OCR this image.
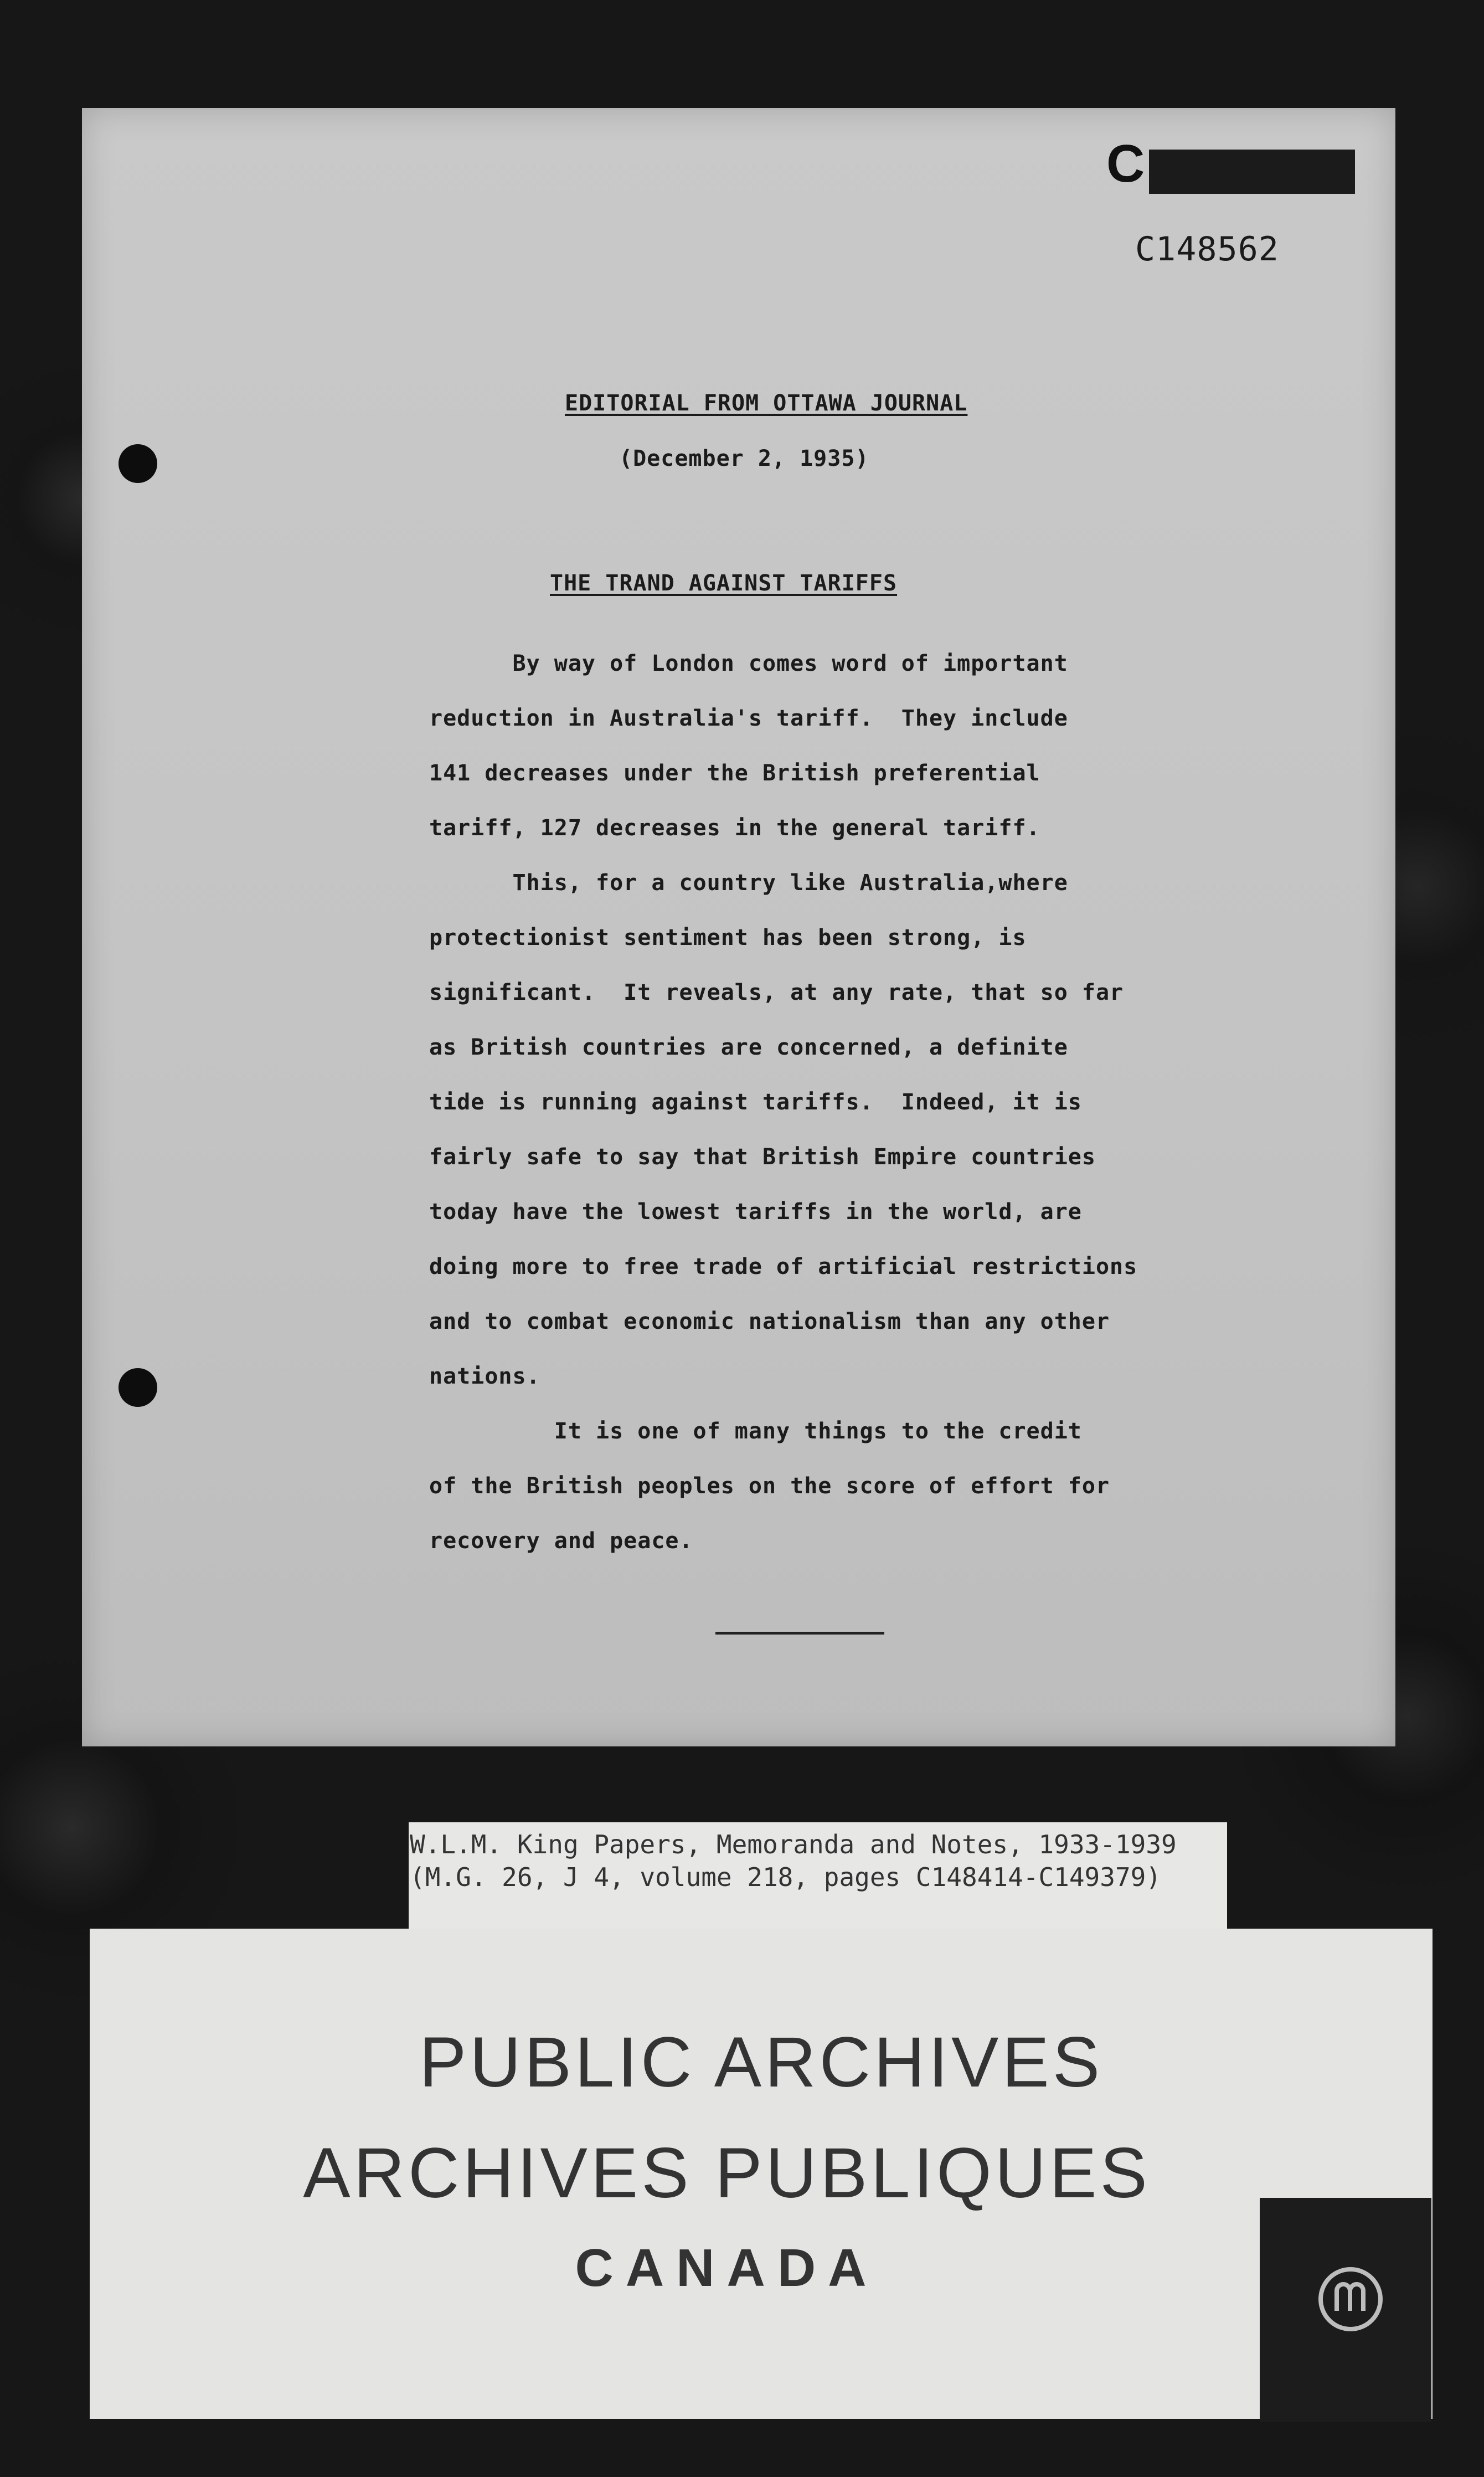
C
C148562
EDITORIAL FROM OTTAWA JOURNAL
(December 2, 1935)
THE TRAND AGAINST TARIFFS
By way of London comes word of important
reduction in Australia's tariff.  They include
141 decreases under the British preferential
tariff, 127 decreases in the general tariff.
This, for a country like Australia,where
protectionist sentiment has been strong, is
significant.  It reveals, at any rate, that so far
as British countries are concerned, a definite
tide is running against tariffs.  Indeed, it is
fairly safe to say that British Empire countries
today have the lowest tariffs in the world, are
doing more to free trade of artificial restrictions
and to combat economic nationalism than any other
nations.
It is one of many things to the credit
of the British peoples on the score of effort for
recovery and peace.
W.L.M. King Papers, Memoranda and Notes, 1933-1939
(M.G. 26, J 4, volume 218, pages C148414-C149379)
PUBLIC ARCHIVES
ARCHIVES PUBLIQUES
CANADA
